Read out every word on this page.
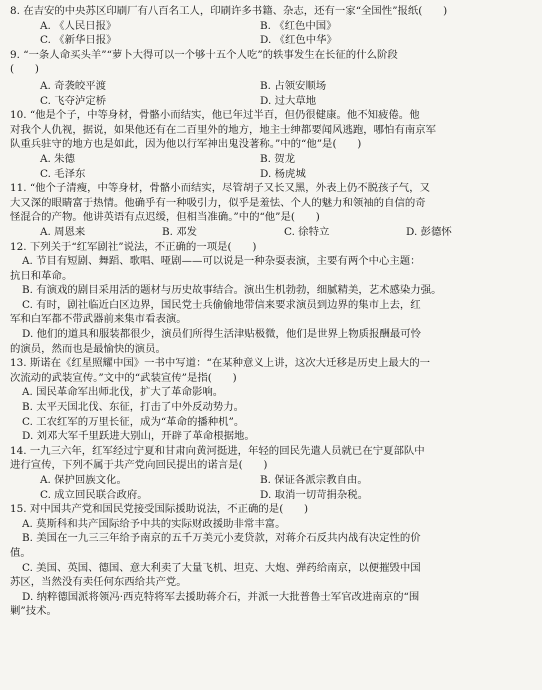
8. 在吉安的中央苏区印刷厂有八百名工人，印刷许多书籍、杂志，还有一家“全国性”报纸(　　)
A. 《人民日报》	B. 《红色中国》
C. 《新华日报》	D. 《红色中华》
9. “一条人命买头羊”“萝卜大得可以一个够十五个人吃”的轶事发生在长征的什么阶段
(　　)
A. 奇袭皎平渡	B. 占领安顺场
C. 飞夺泸定桥	D. 过大草地
10. “他是个子，中等身材，骨骼小而结实，他已年过半百，但仍很健康。他不知疲倦。他
对我个人仇视，据说，如果他还有在二百里外的地方，地主士绅都要闻风逃跑，哪怕有南京军
队重兵驻守的地方也是如此，因为他以行军神出鬼没著称。”中的“他”是(　　)
A. 朱德	B. 贺龙
C. 毛泽东	D. 杨虎城
11. “他个子清瘦，中等身材，骨骼小而结实，尽管胡子又长又黑，外表上仍不脱孩子气，又
大又深的眼睛富于热情。他确乎有一种吸引力，似乎是羞怯、个人的魅力和领袖的自信的奇
怪混合的产物。他讲英语有点迟缓，但相当准确。”中的“他”是(　　)
A. 周恩来	B. 邓发	C. 徐特立	D. 彭德怀
12. 下列关于“红军剧社”说法，不正确的一项是(　　)
A. 节目有短剧、舞蹈、歌唱、哑剧——可以说是一种杂耍表演，主要有两个中心主题：
抗日和革命。
B. 有演戏的剧目采用活的题材与历史故事结合。演出生机勃勃，细腻精美，艺术感染力强。
C. 有时，剧社临近白区边界，国民党士兵偷偷地带信来要求演员到边界的集市上去，红
军和白军都不带武器前来集市看表演。
D. 他们的道具和服装都很少，演员们所得生活津贴极微，他们是世界上物质报酬最可怜
的演员，然而也是最愉快的演员。
13. 斯诺在《红星照耀中国》一书中写道：“在某种意义上讲，这次大迁移是历史上最大的一
次流动的武装宣传。”文中的“武装宣传”是指(　　)
A. 国民革命军出师北伐，扩大了革命影响。
B. 太平天国北伐、东征，打击了中外反动势力。
C. 工农红军的万里长征，成为“革命的播种机”。
D. 刘邓大军千里跃进大别山，开辟了革命根据地。
14. 一九三六年，红军经过宁夏和甘肃向黄河挺进，年轻的回民先遣人员就已在宁夏部队中
进行宣传，下列不属于共产党向回民提出的诺言是(　　)
A. 保护回族文化。	B. 保证各派宗教自由。
C. 成立回民联合政府。	D. 取消一切苛捐杂税。
15. 对中国共产党和国民党接受国际援助说法，不正确的是(　　)
A. 莫斯科和共产国际给予中共的实际财政援助非常丰富。
B. 美国在一九三三年给予南京的五千万美元小麦贷款，对蒋介石反共内战有决定性的价
值。
C. 美国、英国、德国、意大利卖了大量飞机、坦克、大炮、弹药给南京，以便摧毁中国
苏区，当然没有卖任何东西给共产党。
D. 纳粹德国派将领冯·西克特将军去援助蒋介石，并派一大批普鲁士军官改进南京的“围
剿”技术。
